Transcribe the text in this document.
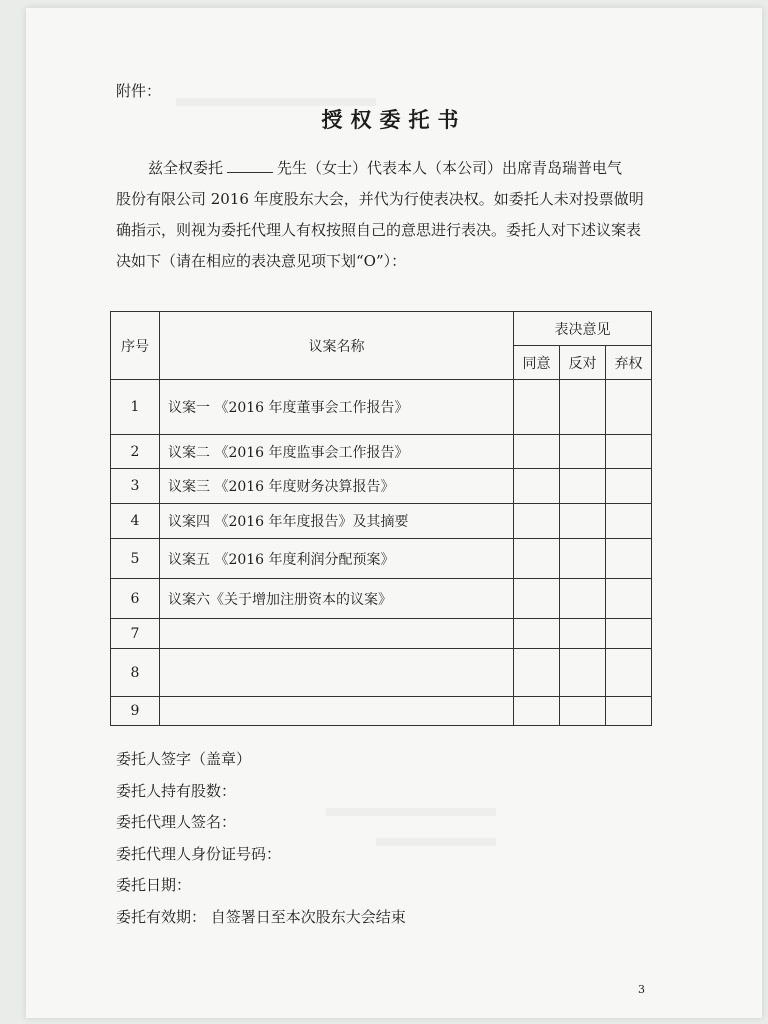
附件：
授权委托书
兹全权委托	先生（女士）代表本人（本公司）出席青岛瑞普电气
股份有限公司 2016 年度股东大会，并代为行使表决权。如委托人未对投票做明
确指示，则视为委托代理人有权按照自己的意思进行表决。委托人对下述议案表
决如下（请在相应的表决意见项下划“O”）：
序号	议案名称	表决意见		
		同意	反对	弃权
1	议案一 《2016 年度董事会工作报告》			
2	议案二 《2016 年度监事会工作报告》			
3	议案三 《2016 年度财务决算报告》			
4	议案四 《2016 年年度报告》及其摘要			
5	议案五 《2016 年度利润分配预案》			
6	议案六《关于增加注册资本的议案》			
7				
8				
9				
委托人签字（盖章）
委托人持有股数：
委托代理人签名：
委托代理人身份证号码：
委托日期：
委托有效期： 自签署日至本次股东大会结束
3
